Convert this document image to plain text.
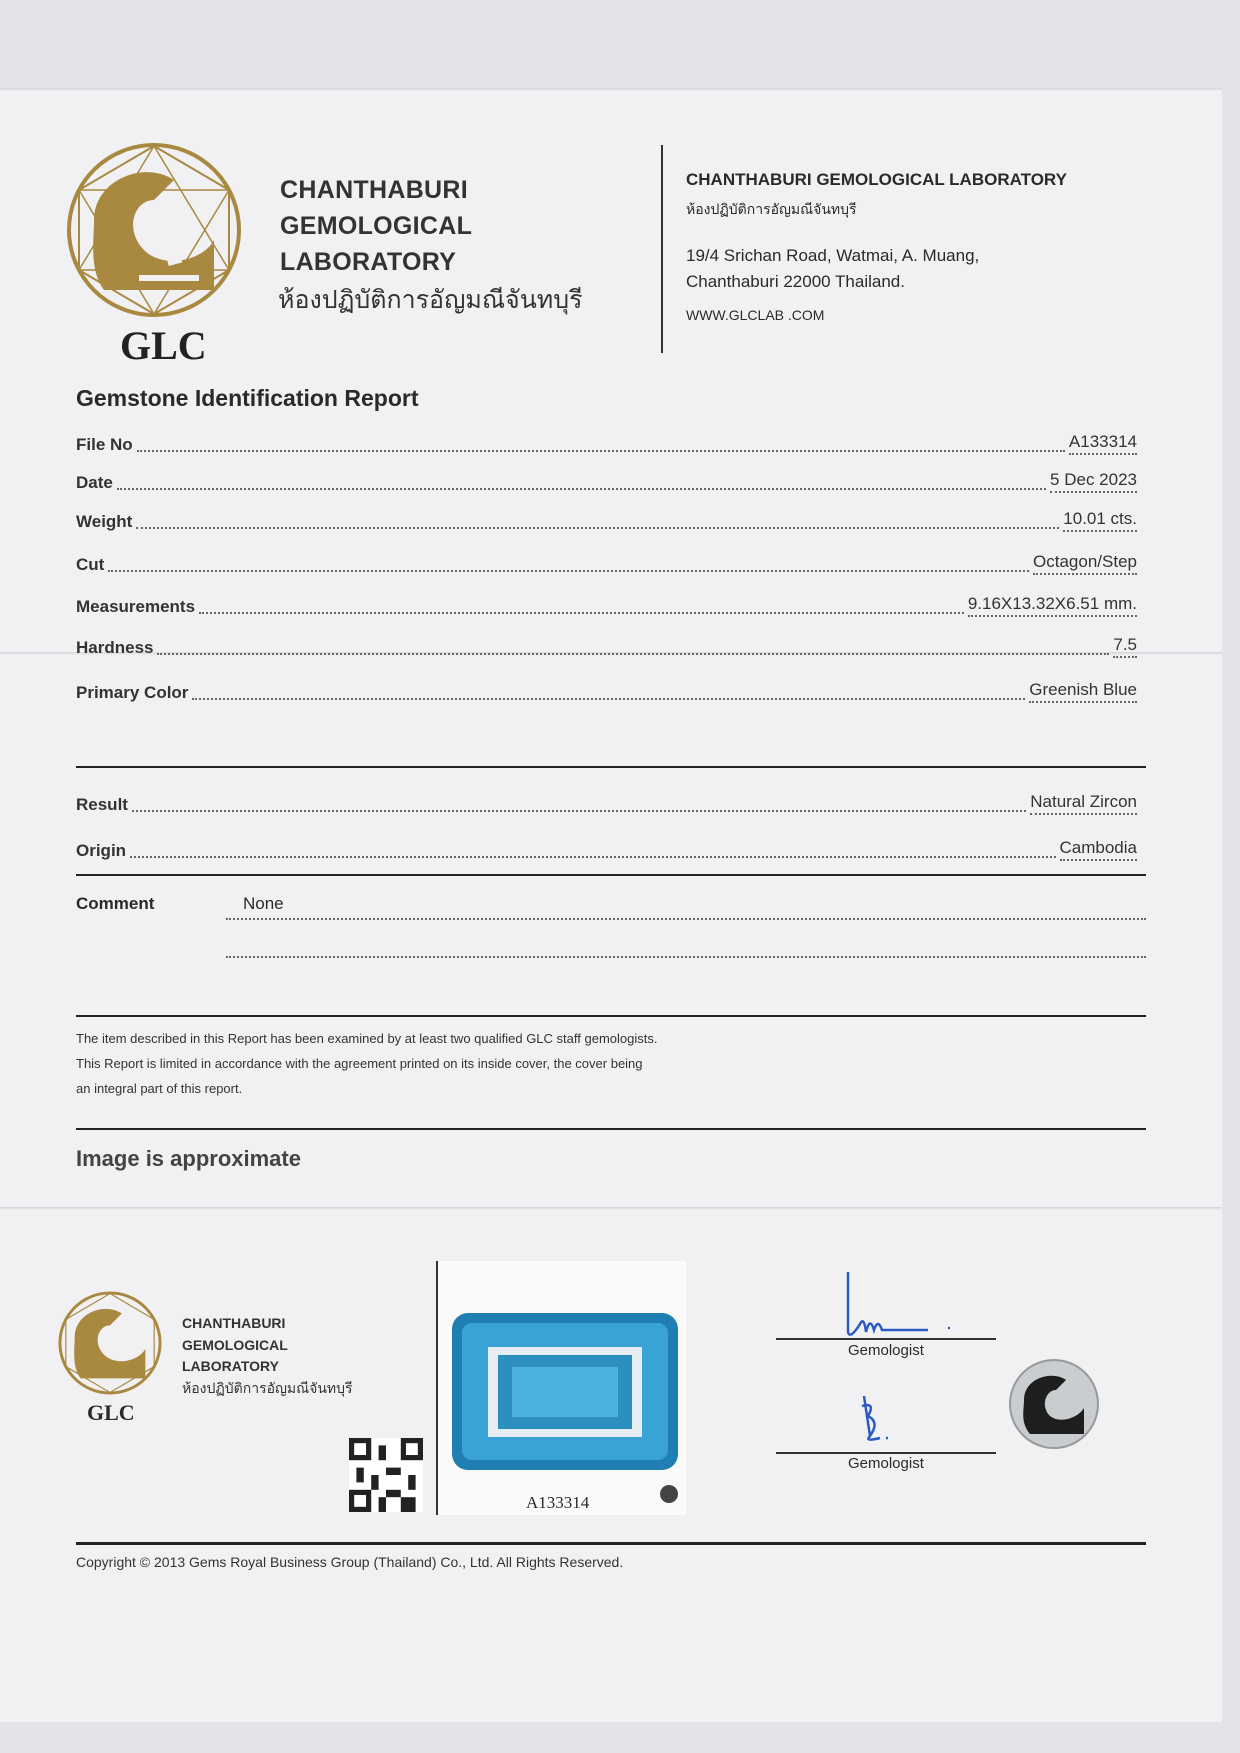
GLC
CHANTHABURI
GEMOLOGICAL
LABORATORY
ห้องปฏิบัติการอัญมณีจันทบุรี
CHANTHABURI GEMOLOGICAL LABORATORY
ห้องปฏิบัติการอัญมณีจันทบุรี
19/4 Srichan Road, Watmai, A. Muang,
Chanthaburi 22000 Thailand.
WWW.GLCLAB .COM
Gemstone Identification Report
File No	A133314
Date	5 Dec 2023
Weight	10.01 cts.
Cut	Octagon/Step
Measurements	9.16X13.32X6.51 mm.
Hardness	7.5
Primary Color	Greenish Blue
Result	Natural Zircon
Origin	Cambodia
Comment	None
The item described in this Report has been examined by at least two qualified GLC staff gemologists.
This Report is limited in accordance with the agreement printed on its inside cover, the cover being
an integral part of this report.
Image is approximate
GLC
CHANTHABURI
GEMOLOGICAL
LABORATORY
ห้องปฏิบัติการอัญมณีจันทบุรี
A133314
Gemologist
Gemologist
Copyright © 2013 Gems Royal Business Group (Thailand) Co., Ltd. All Rights Reserved.
